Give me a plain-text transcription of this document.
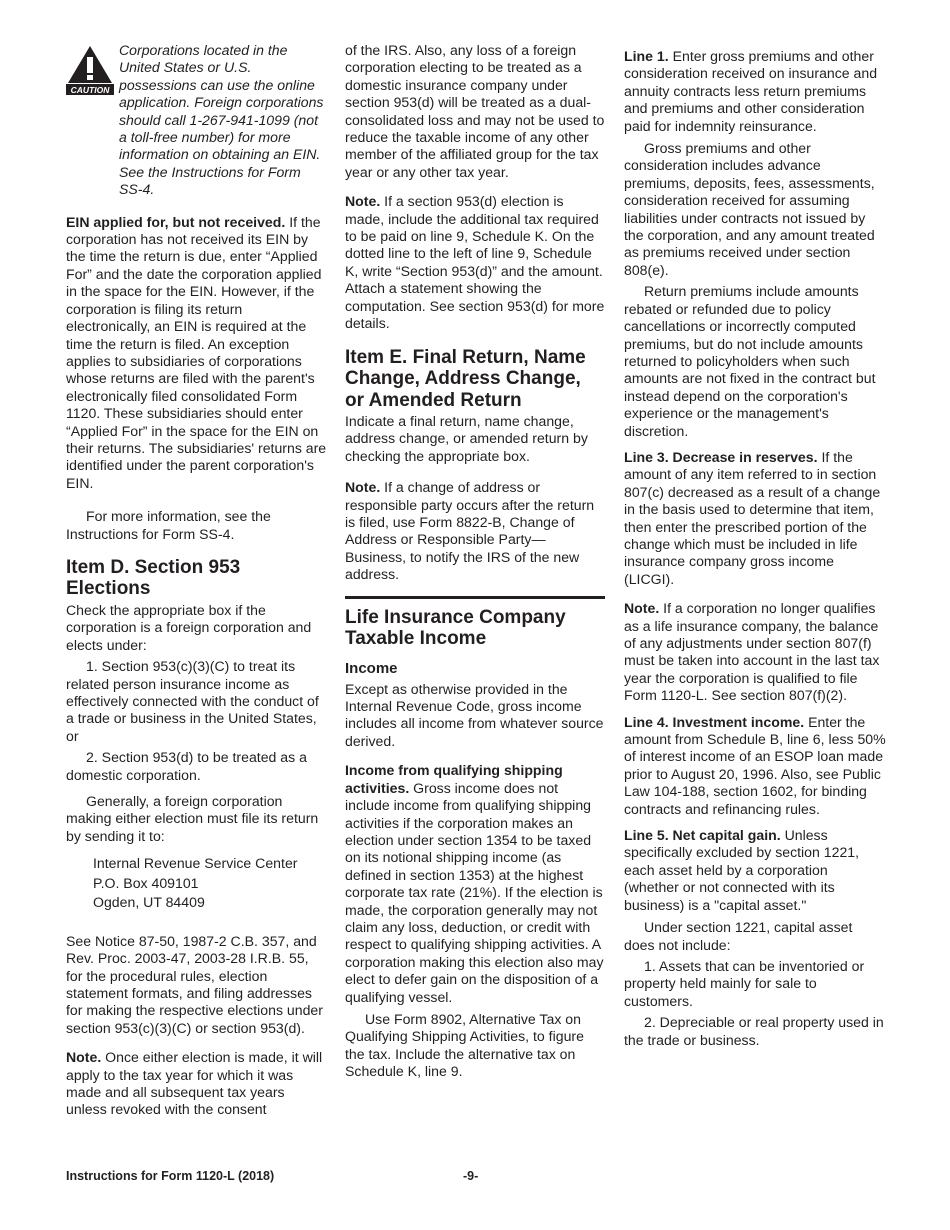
CAUTION
Corporations located in the United States or U.S. possessions can use the online application. Foreign corporations should call 1-267-941-1099 (not a toll-free number) for more information on obtaining an EIN. See the Instructions for Form SS-4.

EIN applied for, but not received. If the corporation has not received its EIN by the time the return is due, enter “Applied For” and the date the corporation applied in the space for the EIN. However, if the corporation is filing its return electronically, an EIN is required at the time the return is filed. An exception applies to subsidiaries of corporations whose returns are filed with the parent's electronically filed consolidated Form 1120. These subsidiaries should enter “Applied For” in the space for the EIN on their returns. The subsidiaries' returns are identified under the parent corporation's EIN.

For more information, see the Instructions for Form SS-4.

Item D. Section 953 Elections

Check the appropriate box if the corporation is a foreign corporation and elects under:

1. Section 953(c)(3)(C) to treat its related person insurance income as effectively connected with the conduct of a trade or business in the United States, or

2. Section 953(d) to be treated as a domestic corporation.

Generally, a foreign corporation making either election must file its return by sending it to:

Internal Revenue Service Center
P.O. Box 409101
Ogden, UT 84409

See Notice 87-50, 1987-2 C.B. 357, and Rev. Proc. 2003-47, 2003-28 I.R.B. 55, for the procedural rules, election statement formats, and filing addresses for making the respective elections under section 953(c)(3)(C) or section 953(d).

Note. Once either election is made, it will apply to the tax year for which it was made and all subsequent tax years unless revoked with the consent

of the IRS. Also, any loss of a foreign corporation electing to be treated as a domestic insurance company under section 953(d) will be treated as a dual-consolidated loss and may not be used to reduce the taxable income of any other member of the affiliated group for the tax year or any other tax year.

Note. If a section 953(d) election is made, include the additional tax required to be paid on line 9, Schedule K. On the dotted line to the left of line 9, Schedule K, write “Section 953(d)” and the amount. Attach a statement showing the computation. See section 953(d) for more details.

Item E. Final Return, Name Change, Address Change, or Amended Return

Indicate a final return, name change, address change, or amended return by checking the appropriate box.

Note. If a change of address or responsible party occurs after the return is filed, use Form 8822-B, Change of Address or Responsible Party—Business, to notify the IRS of the new address.

Life Insurance Company Taxable Income
Income

Except as otherwise provided in the Internal Revenue Code, gross income includes all income from whatever source derived.

Income from qualifying shipping activities. Gross income does not include income from qualifying shipping activities if the corporation makes an election under section 1354 to be taxed on its notional shipping income (as defined in section 1353) at the highest corporate tax rate (21%). If the election is made, the corporation generally may not claim any loss, deduction, or credit with respect to qualifying shipping activities. A corporation making this election also may elect to defer gain on the disposition of a qualifying vessel.

Use Form 8902, Alternative Tax on Qualifying Shipping Activities, to figure the tax. Include the alternative tax on Schedule K, line 9.

Line 1. Enter gross premiums and other consideration received on insurance and annuity contracts less return premiums and premiums and other consideration paid for indemnity reinsurance.

Gross premiums and other consideration includes advance premiums, deposits, fees, assessments, consideration received for assuming liabilities under contracts not issued by the corporation, and any amount treated as premiums received under section 808(e).

Return premiums include amounts rebated or refunded due to policy cancellations or incorrectly computed premiums, but do not include amounts returned to policyholders when such amounts are not fixed in the contract but instead depend on the corporation's experience or the management's discretion.

Line 3. Decrease in reserves. If the amount of any item referred to in section 807(c) decreased as a result of a change in the basis used to determine that item, then enter the prescribed portion of the change which must be included in life insurance company gross income (LICGI).

Note. If a corporation no longer qualifies as a life insurance company, the balance of any adjustments under section 807(f) must be taken into account in the last tax year the corporation is qualified to file Form 1120-L. See section 807(f)(2).

Line 4. Investment income. Enter the amount from Schedule B, line 6, less 50% of interest income of an ESOP loan made prior to August 20, 1996. Also, see Public Law 104-188, section 1602, for binding contracts and refinancing rules.

Line 5. Net capital gain. Unless specifically excluded by section 1221, each asset held by a corporation (whether or not connected with its business) is a "capital asset."

Under section 1221, capital asset does not include:

1. Assets that can be inventoried or property held mainly for sale to customers.

2. Depreciable or real property used in the trade or business.

Instructions for Form 1120-L (2018)	-9-
